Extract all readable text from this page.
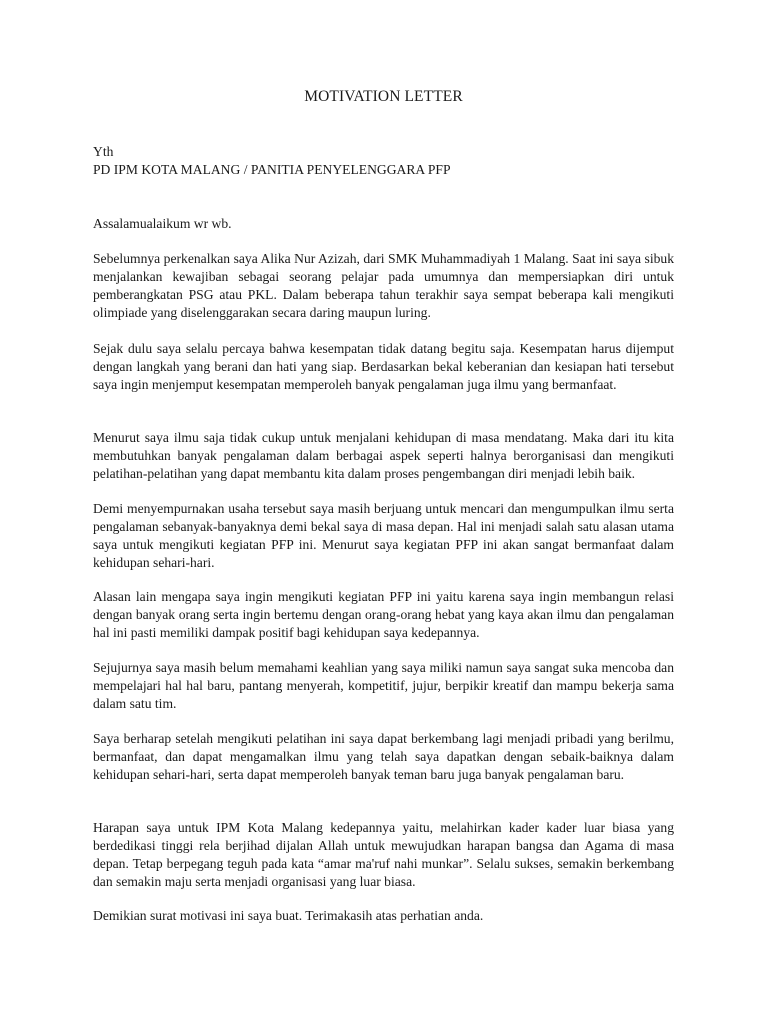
MOTIVATION LETTER
Yth
PD IPM KOTA MALANG / PANITIA PENYELENGGARA PFP
Assalamualaikum wr wb.

Sebelumnya perkenalkan saya Alika Nur Azizah, dari SMK Muhammadiyah 1 Malang. Saat ini saya sibuk menjalankan kewajiban sebagai seorang pelajar pada umumnya dan mempersiapkan diri untuk pemberangkatan PSG atau PKL. Dalam beberapa tahun terakhir saya sempat beberapa kali mengikuti olimpiade yang diselenggarakan secara daring maupun luring.

Sejak dulu saya selalu percaya bahwa kesempatan tidak datang begitu saja. Kesempatan harus dijemput dengan langkah yang berani dan hati yang siap. Berdasarkan bekal keberanian dan kesiapan hati tersebut saya ingin menjemput kesempatan memperoleh banyak pengalaman juga ilmu yang bermanfaat.

Menurut saya ilmu saja tidak cukup untuk menjalani kehidupan di masa mendatang. Maka dari itu kita membutuhkan banyak pengalaman dalam berbagai aspek seperti halnya berorganisasi dan mengikuti pelatihan-pelatihan yang dapat membantu kita dalam proses pengembangan diri menjadi lebih baik.

Demi menyempurnakan usaha tersebut saya masih berjuang untuk mencari dan mengumpulkan ilmu serta pengalaman sebanyak-banyaknya demi bekal saya di masa depan. Hal ini menjadi salah satu alasan utama saya untuk mengikuti kegiatan PFP ini. Menurut saya kegiatan PFP ini akan sangat bermanfaat dalam kehidupan sehari-hari.

Alasan lain mengapa saya ingin mengikuti kegiatan PFP ini yaitu karena saya ingin membangun relasi dengan banyak orang serta ingin bertemu dengan orang-orang hebat yang kaya akan ilmu dan pengalaman hal ini pasti memiliki dampak positif bagi kehidupan saya kedepannya.

Sejujurnya saya masih belum memahami keahlian yang saya miliki namun saya sangat suka mencoba dan mempelajari hal hal baru, pantang menyerah, kompetitif, jujur, berpikir kreatif dan mampu bekerja sama dalam satu tim.

Saya berharap setelah mengikuti pelatihan ini saya dapat berkembang lagi menjadi pribadi yang berilmu, bermanfaat, dan dapat mengamalkan ilmu yang telah saya dapatkan dengan sebaik-baiknya dalam kehidupan sehari-hari, serta dapat memperoleh banyak teman baru juga banyak pengalaman baru.

Harapan saya untuk IPM Kota Malang kedepannya yaitu, melahirkan kader kader luar biasa yang berdedikasi tinggi rela berjihad dijalan Allah untuk mewujudkan harapan bangsa dan Agama di masa depan. Tetap berpegang teguh pada kata “amar ma'ruf nahi munkar”. Selalu sukses, semakin berkembang dan semakin maju serta menjadi organisasi yang luar biasa.

Demikian surat motivasi ini saya buat. Terimakasih atas perhatian anda.
